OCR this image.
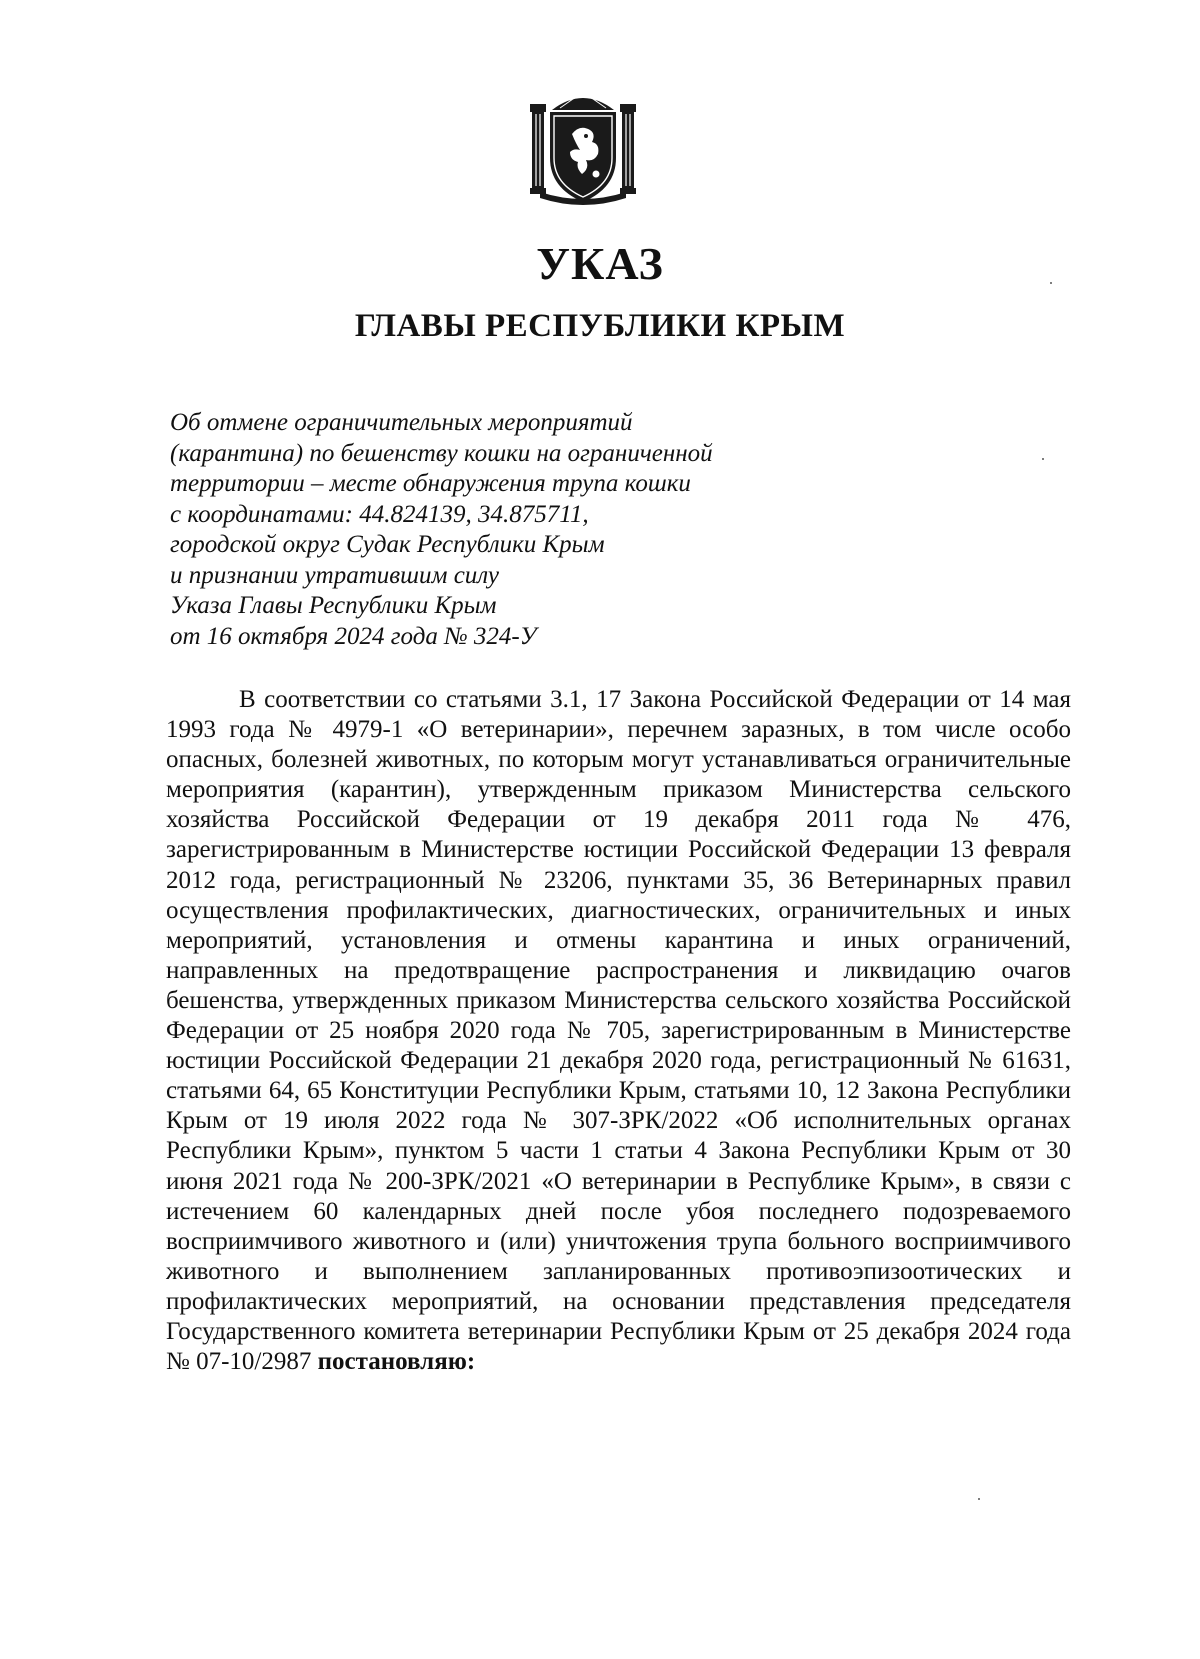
УКАЗ
ГЛАВЫ РЕСПУБЛИКИ КРЫМ
Об отмене ограничительных мероприятий
(карантина) по бешенству кошки на ограниченной
территории – месте обнаружения трупа кошки
с координатами: 44.824139, 34.875711,
городской округ Судак Республики Крым
и признании утратившим силу
Указа Главы Республики Крым
от 16 октября 2024 года № 324-У

В соответствии со статьями 3.1, 17 Закона Российской Федерации от 14 мая 1993 года № 4979-1 «О ветеринарии», перечнем заразных, в том числе особо опасных, болезней животных, по которым могут устанавливаться ограничительные мероприятия (карантин), утвержденным приказом Министерства сельского хозяйства Российской Федерации от 19 декабря 2011 года № 476, зарегистрированным в Министерстве юстиции Российской Федерации 13 февраля 2012 года, регистрационный № 23206, пунктами 35, 36 Ветеринарных правил осуществления профилактических, диагностических, ограничительных и иных мероприятий, установления и отмены карантина и иных ограничений, направленных на предотвращение распространения и ликвидацию очагов бешенства, утвержденных приказом Министерства сельского хозяйства Российской Федерации от 25 ноября 2020 года № 705, зарегистрированным в Министерстве юстиции Российской Федерации 21 декабря 2020 года, регистрационный № 61631, статьями 64, 65 Конституции Республики Крым, статьями 10, 12 Закона Республики Крым от 19 июля 2022 года № 307-ЗРК/2022 «Об исполнительных органах Республики Крым», пунктом 5 части 1 статьи 4 Закона Республики Крым от 30 июня 2021 года № 200-ЗРК/2021 «О ветеринарии в Республике Крым», в связи с истечением 60 календарных дней после убоя последнего подозреваемого восприимчивого животного и (или) уничтожения трупа больного восприимчивого животного и выполнением запланированных противоэпизоотических и профилактических мероприятий, на основании представления председателя Государственного комитета ветеринарии Республики Крым от 25 декабря 2024 года № 07-10/2987 постановляю:
